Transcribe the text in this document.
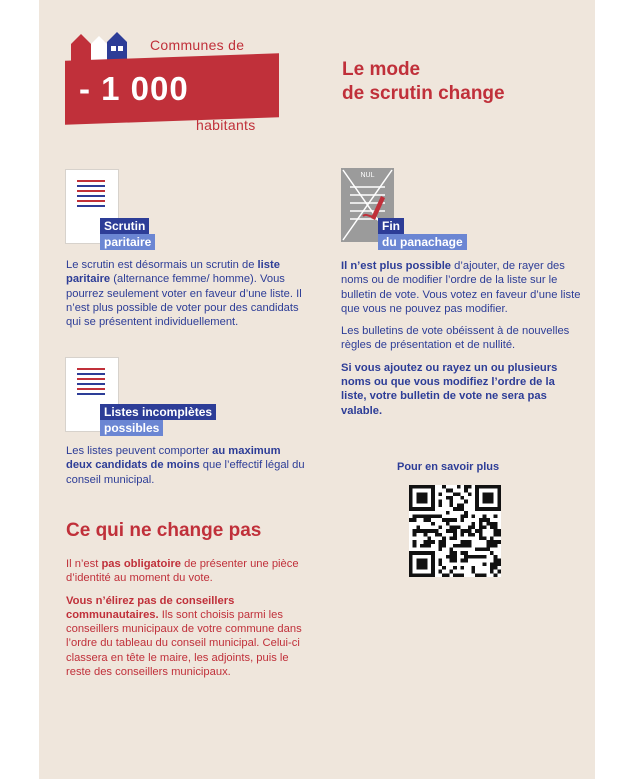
Communes de
- 1 000
habitants
Le mode
de scrutin change
Scrutin
paritaire
Le scrutin est désormais un scrutin de liste paritaire (alternance femme/ homme). Vous pourrez seulement voter en faveur d’une liste. Il n’est plus possible de voter pour des candidats qui se présentent individuellement.
Listes incomplètes
possibles
Les listes peuvent comporter au maximum deux candidats de moins que l’effectif légal du conseil municipal.
Ce qui ne change pas

Il n’est pas obligatoire de présenter une pièce d’identité au moment du vote.

Vous n’élirez pas de conseillers communautaires. Ils sont choisis parmi les conseillers municipaux de votre commune dans l’ordre du tableau du conseil municipal. Celui-ci classera en tête le maire, les adjoints, puis le reste des conseillers municipaux.

NUL
Fin
du panachage

Il n’est plus possible d’ajouter, de rayer des noms ou de modifier l’ordre de la liste sur le bulletin de vote. Vous votez en faveur d’une liste que vous ne pouvez pas modifier.

Les bulletins de vote obéissent à de nouvelles règles de présentation et de nullité.

Si vous ajoutez ou rayez un ou plusieurs noms ou que vous modifiez l’ordre de la liste, votre bulletin de vote ne sera pas valable.

Pour en savoir plus
